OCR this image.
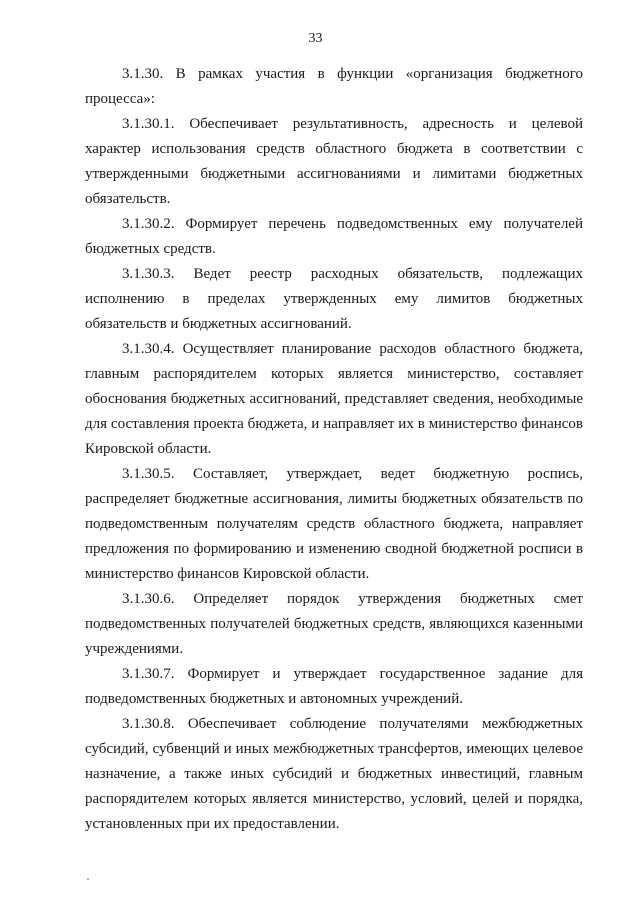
33

3.1.30. В рамках участия в функции «организация бюджетного процесса»:

3.1.30.1. Обеспечивает результативность, адресность и целевой характер использования средств областного бюджета в соответствии с утвержденными бюджетными ассигнованиями и лимитами бюджетных обязательств.

3.1.30.2. Формирует перечень подведомственных ему получателей бюджетных средств.

3.1.30.3. Ведет реестр расходных обязательств, подлежащих исполнению в пределах утвержденных ему лимитов бюджетных обязательств и бюджетных ассигнований.

3.1.30.4. Осуществляет планирование расходов областного бюджета, главным распорядителем которых является министерство, составляет обоснования бюджетных ассигнований, представляет сведения, необходимые для составления проекта бюджета, и направляет их в министерство финансов Кировской области.

3.1.30.5. Составляет, утверждает, ведет бюджетную роспись, распределяет бюджетные ассигнования, лимиты бюджетных обязательств по подведомственным получателям средств областного бюджета, направляет предложения по формированию и изменению сводной бюджетной росписи в министерство финансов Кировской области.

3.1.30.6. Определяет порядок утверждения бюджетных смет подведомственных получателей бюджетных средств, являющихся казенными учреждениями.

3.1.30.7. Формирует и утверждает государственное задание для подведомственных бюджетных и автономных учреждений.

3.1.30.8. Обеспечивает соблюдение получателями межбюджетных субсидий, субвенций и иных межбюджетных трансфертов, имеющих целевое назначение, а также иных субсидий и бюджетных инвестиций, главным распорядителем которых является министерство, условий, целей и порядка, установленных при их предоставлении.
